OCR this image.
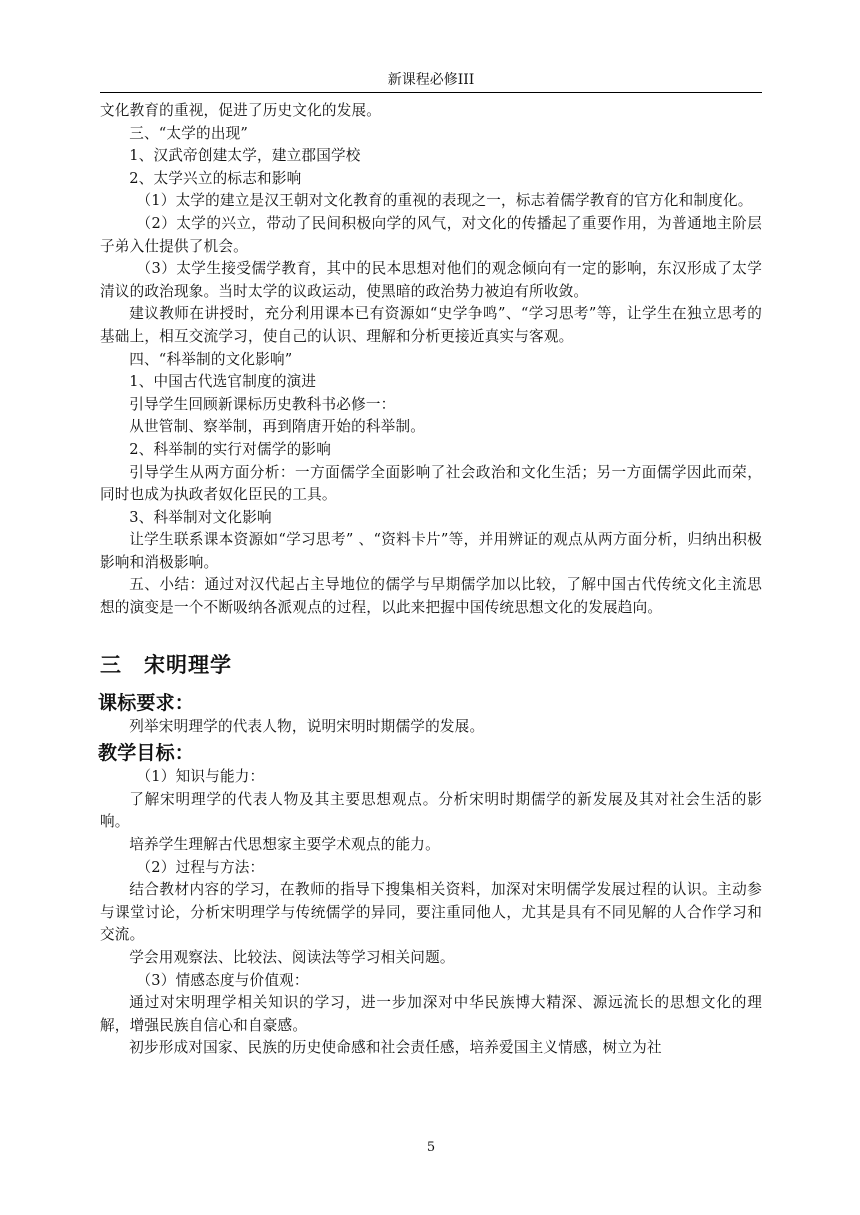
新课程必修III

文化教育的重视，促进了历史文化的发展。

三、“太学的出现”

1、汉武帝创建太学，建立郡国学校

2、太学兴立的标志和影响

（1）太学的建立是汉王朝对文化教育的重视的表现之一，标志着儒学教育的官方化和制度化。

（2）太学的兴立，带动了民间积极向学的风气，对文化的传播起了重要作用，为普通地主阶层子弟入仕提供了机会。

（3）太学生接受儒学教育，其中的民本思想对他们的观念倾向有一定的影响，东汉形成了太学清议的政治现象。当时太学的议政运动，使黑暗的政治势力被迫有所收敛。

建议教师在讲授时，充分利用课本已有资源如“史学争鸣”、“学习思考”等，让学生在独立思考的基础上，相互交流学习，使自己的认识、理解和分析更接近真实与客观。

四、“科举制的文化影响”

1、中国古代选官制度的演进

引导学生回顾新课标历史教科书必修一：

从世管制、察举制，再到隋唐开始的科举制。

2、科举制的实行对儒学的影响

引导学生从两方面分析：一方面儒学全面影响了社会政治和文化生活；另一方面儒学因此而荣，同时也成为执政者奴化臣民的工具。

3、科举制对文化影响

让学生联系课本资源如“学习思考” 、“资料卡片”等，并用辨证的观点从两方面分析，归纳出积极影响和消极影响。

五、小结：通过对汉代起占主导地位的儒学与早期儒学加以比较，了解中国古代传统文化主流思想的演变是一个不断吸纳各派观点的过程，以此来把握中国传统思想文化的发展趋向。

三　宋明理学

课标要求：

列举宋明理学的代表人物，说明宋明时期儒学的发展。

教学目标：

（1）知识与能力：

了解宋明理学的代表人物及其主要思想观点。分析宋明时期儒学的新发展及其对社会生活的影响。

培养学生理解古代思想家主要学术观点的能力。

（2）过程与方法：

结合教材内容的学习，在教师的指导下搜集相关资料，加深对宋明儒学发展过程的认识。主动参与课堂讨论，分析宋明理学与传统儒学的异同，要注重同他人，尤其是具有不同见解的人合作学习和交流。

学会用观察法、比较法、阅读法等学习相关问题。

（3）情感态度与价值观：

通过对宋明理学相关知识的学习，进一步加深对中华民族博大精深、源远流长的思想文化的理解，增强民族自信心和自豪感。

初步形成对国家、民族的历史使命感和社会责任感，培养爱国主义情感，树立为社

5
